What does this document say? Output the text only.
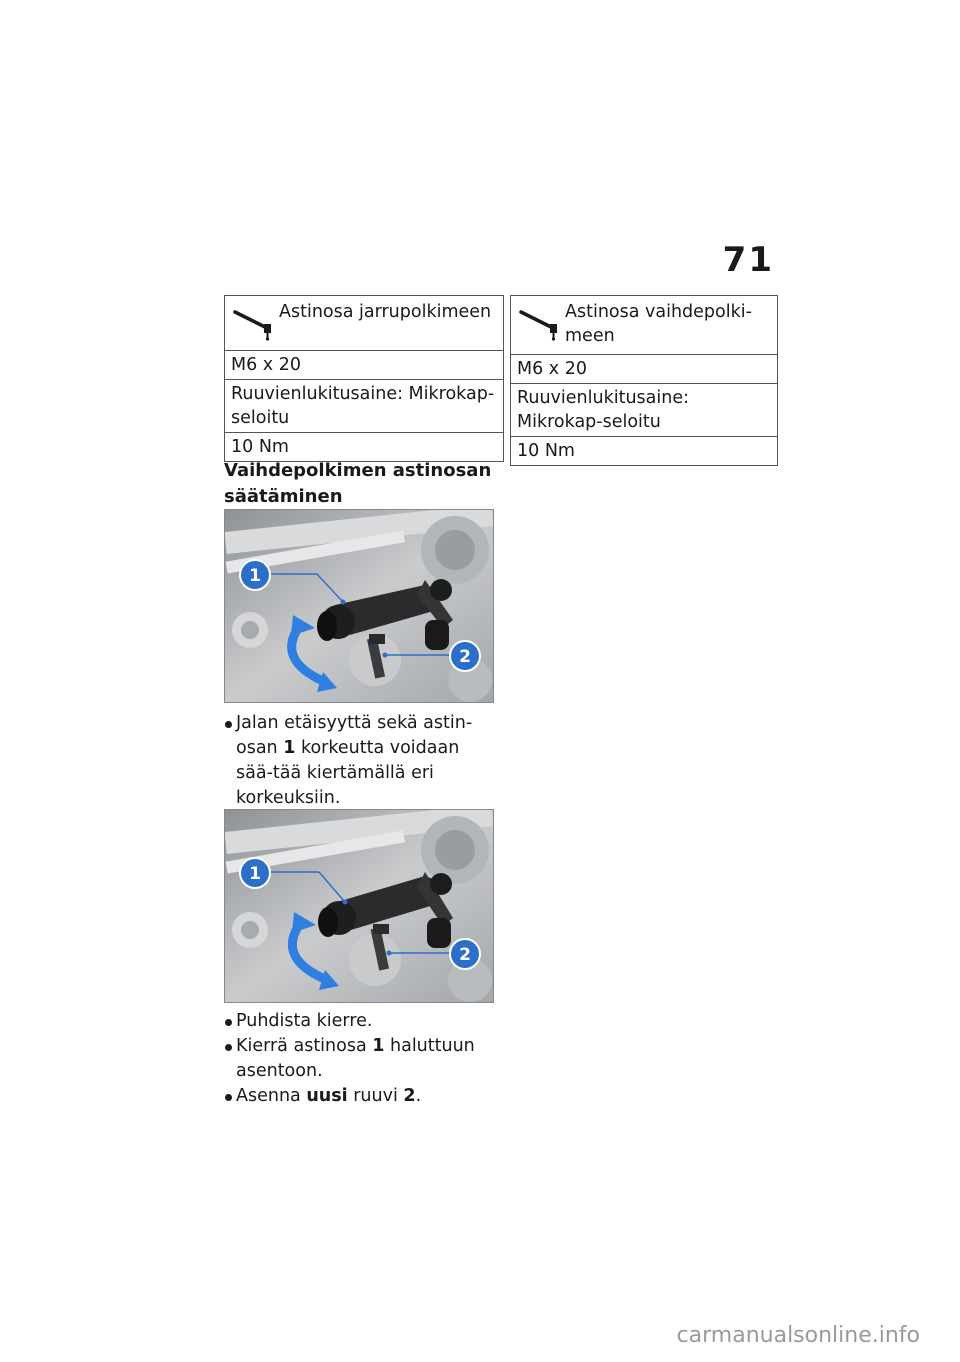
71
Astinosa jarrupolkimeen

M6 x 20
Ruuvienlukitusaine: Mikrokap-seloitu
10 Nm
Astinosa vaihdepolki-meen

M6 x 20
Ruuvienlukitusaine: Mikrokap-seloitu
10 Nm
Vaihdepolkimen astinosan säätäminen
1
2
Jalan etäisyyttä sekä astin-osan 1 korkeutta voidaan sää-tää kiertämällä eri korkeuksiin.
1
2
Puhdista kierre.
Kierrä astinosa 1 haluttuun asentoon.
Asenna uusi ruuvi 2.
carmanualsonline.info
